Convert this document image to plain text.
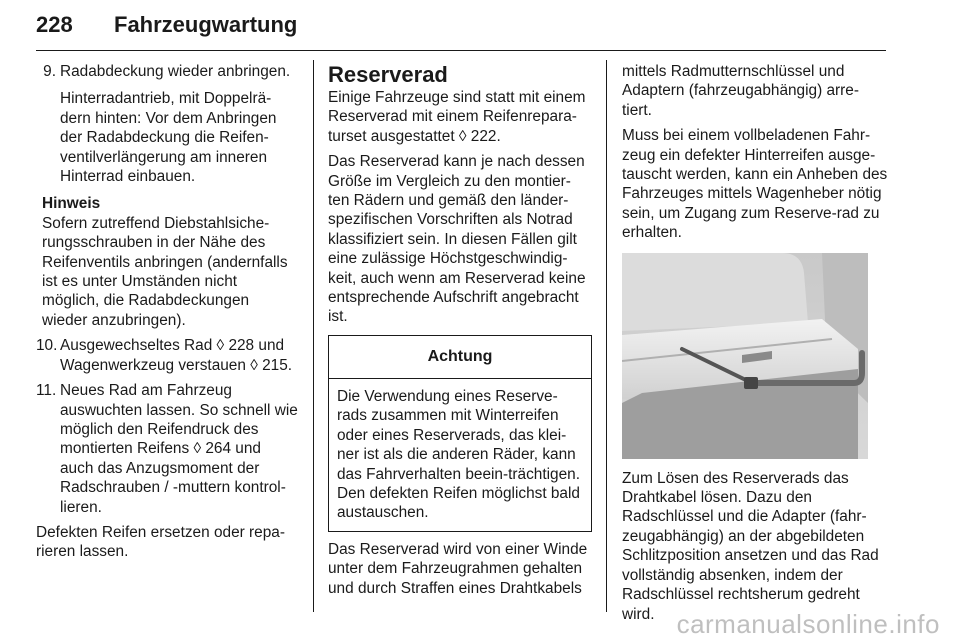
228 Fahrzeugwartung

9. Radabdeckung wieder anbringen.

Hinterradantrieb, mit Doppelrä-dern hinten: Vor dem Anbringen der Radabdeckung die Reifen-ventilverlängerung am inneren Hinterrad einbauen.

Hinweis

Sofern zutreffend Diebstahlsiche-rungsschrauben in der Nähe des Reifenventils anbringen (andernfalls ist es unter Umständen nicht möglich, die Radabdeckungen wieder anzubringen).

10. Ausgewechseltes Rad ◊ 228 und Wagenwerkzeug verstauen ◊ 215.

11. Neues Rad am Fahrzeug auswuchten lassen. So schnell wie möglich den Reifendruck des montierten Reifens ◊ 264 und auch das Anzugsmoment der Radschrauben / -muttern kontrol-lieren.

Defekten Reifen ersetzen oder repa-rieren lassen.

Reserverad

Einige Fahrzeuge sind statt mit einem Reserverad mit einem Reifenrepara-turset ausgestattet ◊ 222.

Das Reserverad kann je nach dessen Größe im Vergleich zu den montier-ten Rädern und gemäß den länder-spezifischen Vorschriften als Notrad klassifiziert sein. In diesen Fällen gilt eine zulässige Höchstgeschwindig-keit, auch wenn am Reserverad keine entsprechende Aufschrift angebracht ist.

Achtung
Die Verwendung eines Reserve-rads zusammen mit Winterreifen oder eines Reserverads, das klei-ner ist als die anderen Räder, kann das Fahrverhalten beein-trächtigen. Den defekten Reifen möglichst bald austauschen.

Das Reserverad wird von einer Winde unter dem Fahrzeugrahmen gehalten und durch Straffen eines Drahtkabels

mittels Radmutternschlüssel und Adaptern (fahrzeugabhängig) arre-tiert.

Muss bei einem vollbeladenen Fahr-zeug ein defekter Hinterreifen ausge-tauscht werden, kann ein Anheben des Fahrzeuges mittels Wagenheber nötig sein, um Zugang zum Reserve-rad zu erhalten.

Zum Lösen des Reserverads das Drahtkabel lösen. Dazu den Radschlüssel und die Adapter (fahr-zeugabhängig) an der abgebildeten Schlitzposition ansetzen und das Rad vollständig absenken, indem der Radschlüssel rechtsherum gedreht wird. carmanualsonline.info
